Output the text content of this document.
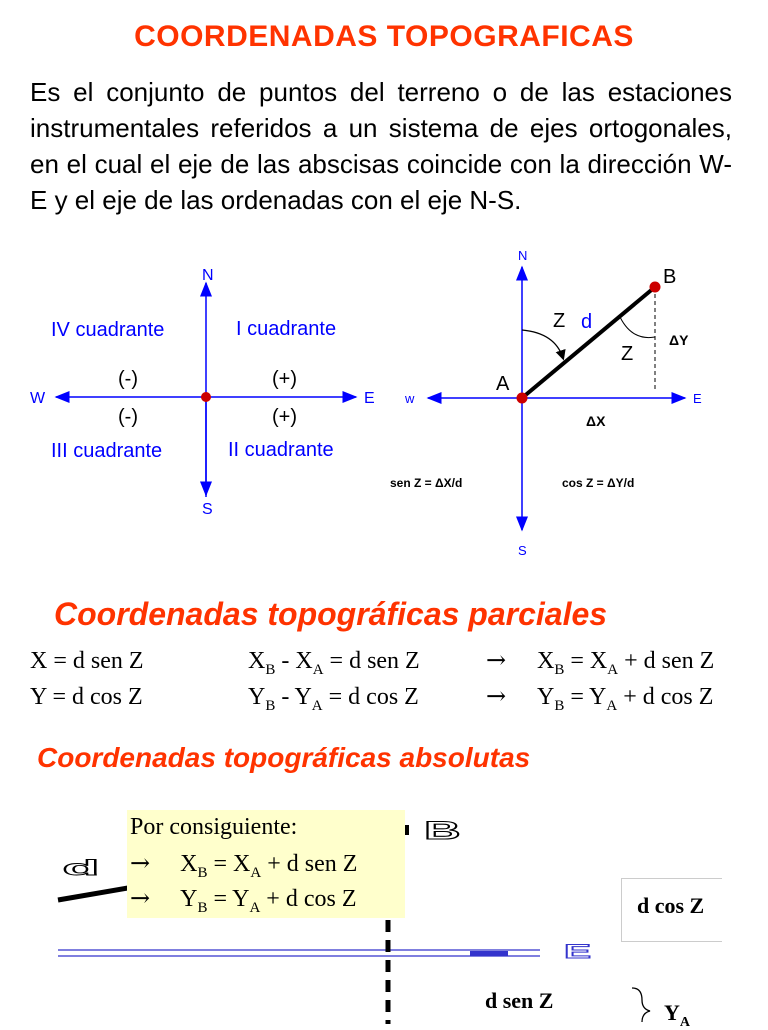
COORDENADAS TOPOGRAFICAS
Es el conjunto de puntos del terreno o de las estaciones instrumentales referidos a un sistema de ejes ortogonales, en el cual el eje de las abscisas coincide con la dirección W-E y el eje de las ordenadas con el eje N-S.
N
S
W	E
IV cuadrante	I cuadrante
III cuadrante	II cuadrante
(-)	(+)
(-)	(+)
N
S
w	E
A
B
Z d
Z
ΔY
ΔX
sen Z = ΔX/d	cos Z = ΔY/d
Coordenadas topográficas parciales
X = d sen Z	$X_B - X_A = d$ sen Z	→ $X_B = X_A + d$ sen Z
Y = d cos Z	$Y_B - Y_A = d$ cos Z	→ $Y_B = Y_A + d$ cos Z
Coordenadas topográficas absolutas
B
d
E
Por consiguiente:
→ $X_B = X_A + d$ sen Z
→ $Y_B = Y_A + d$ cos Z	d cos Z
d sen Z	$Y_A$
